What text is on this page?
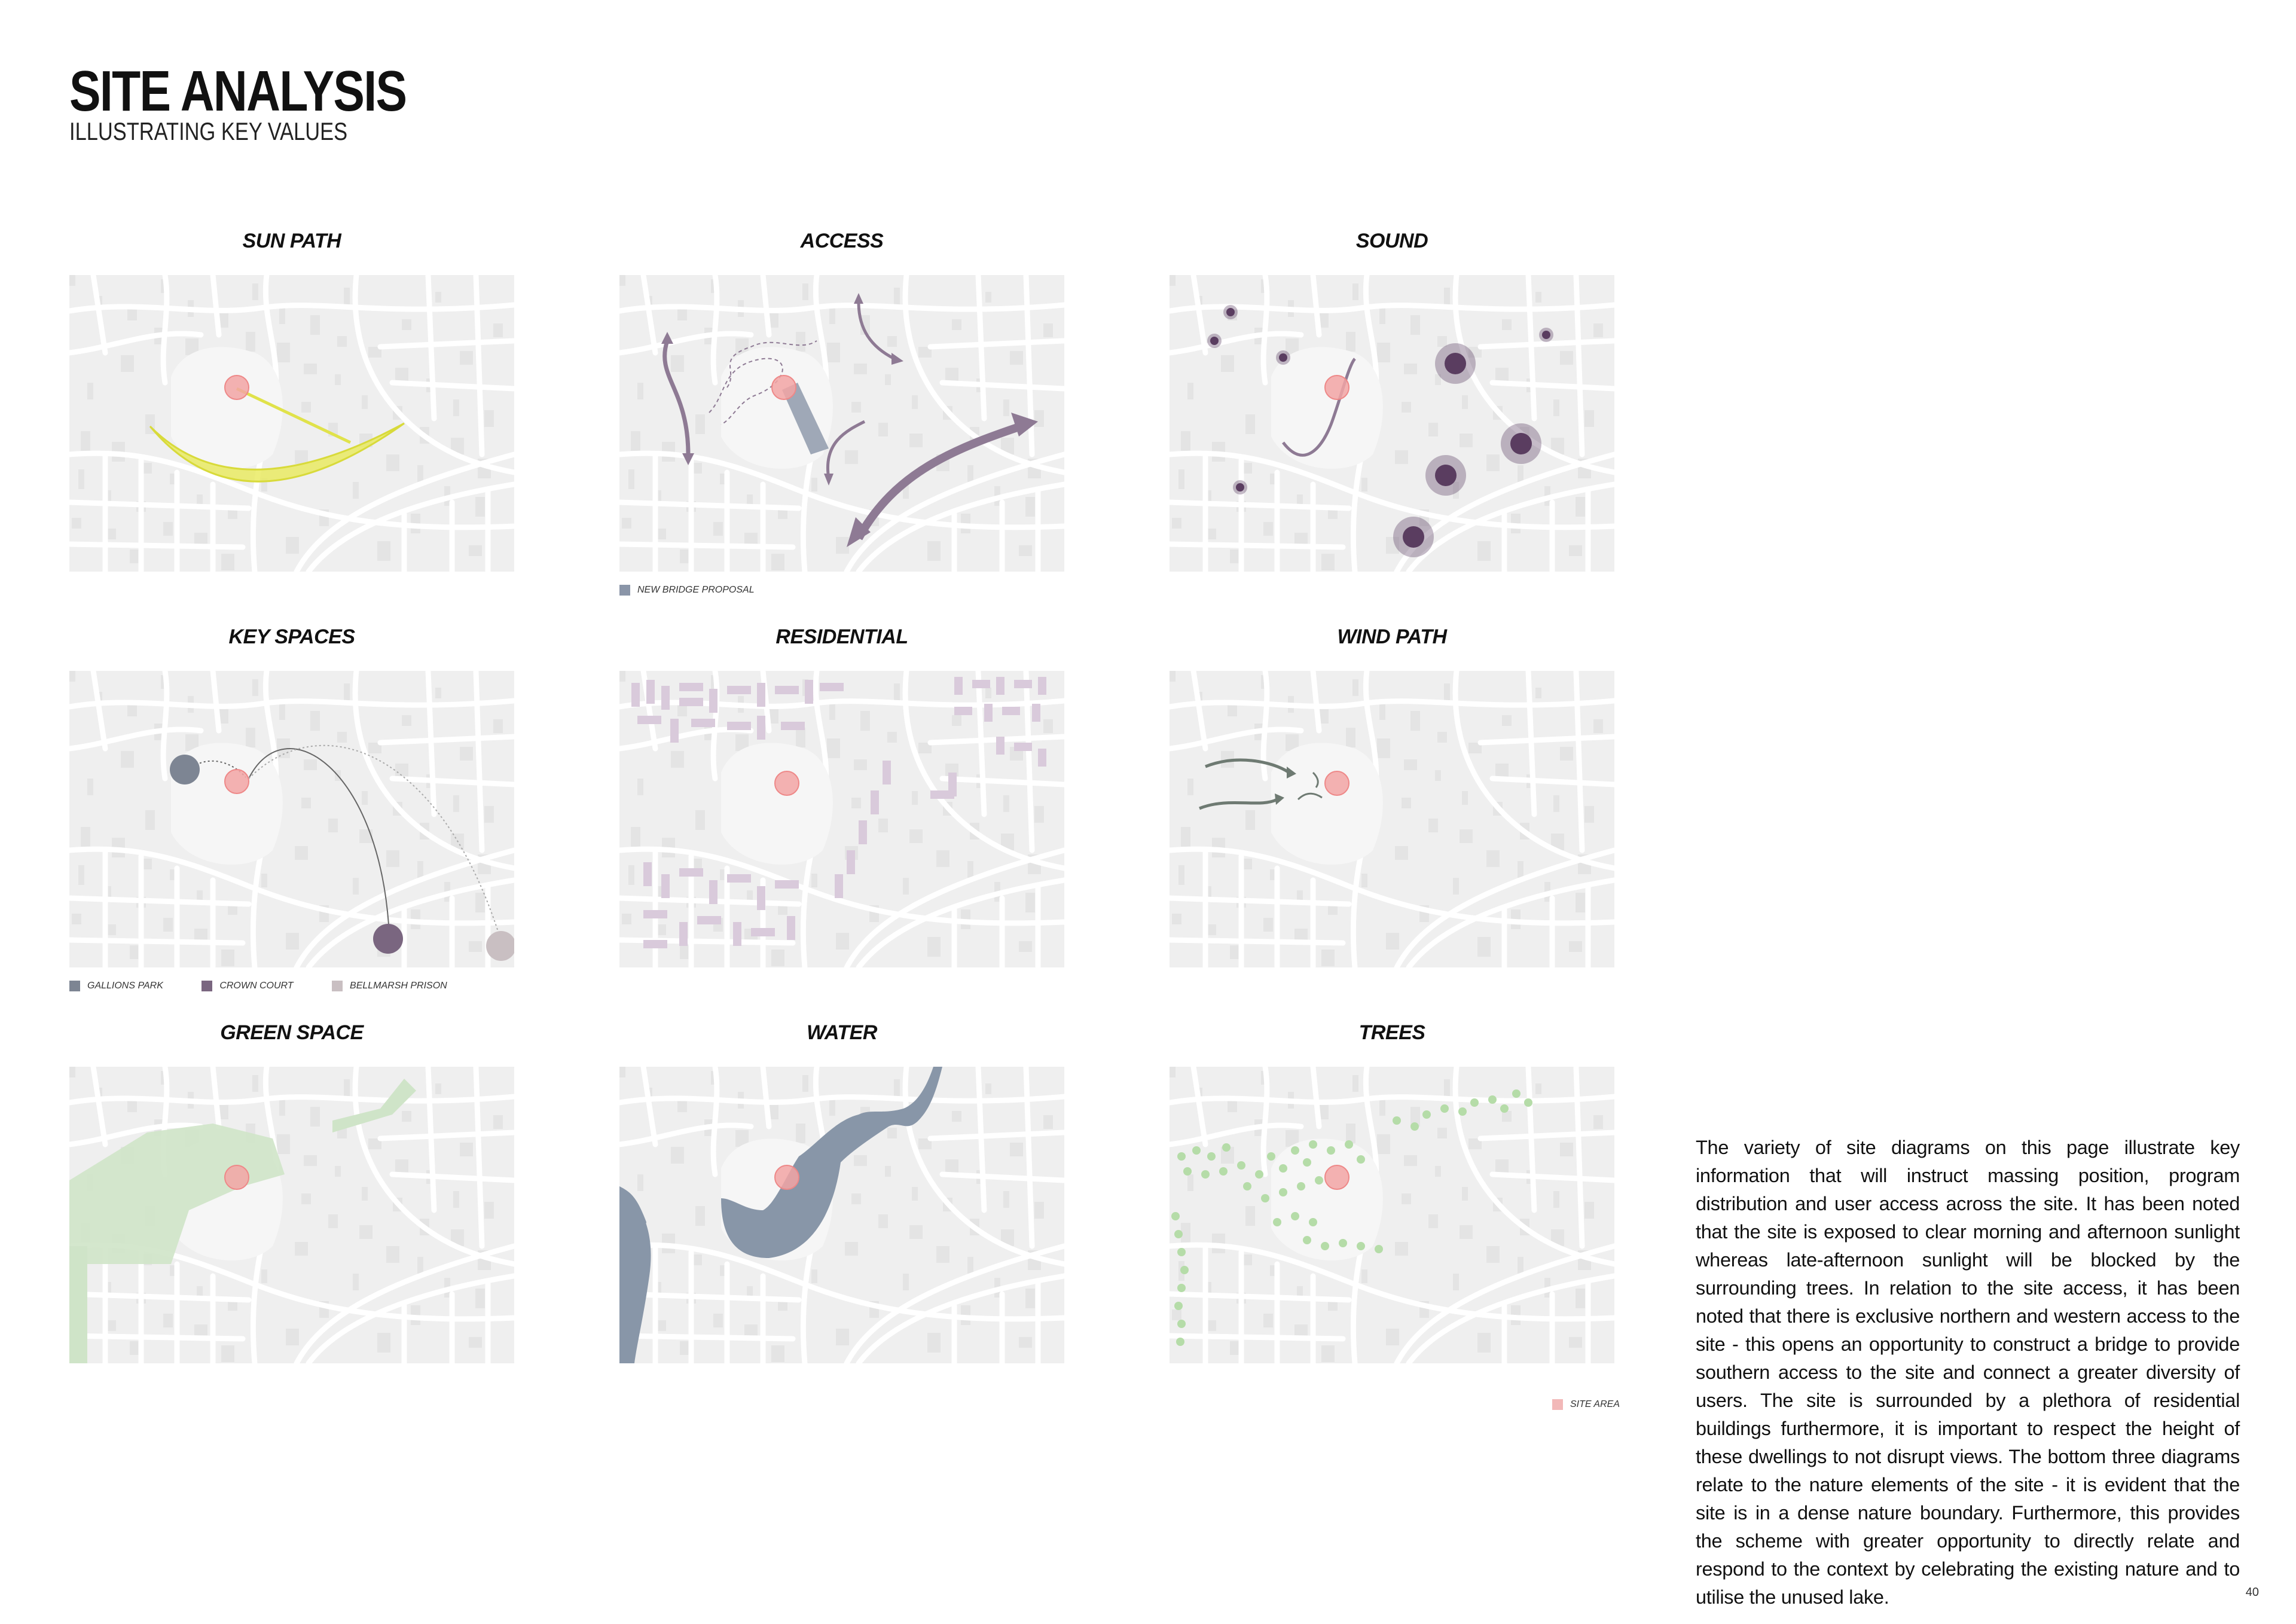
SITE ANALYSIS
ILLUSTRATING KEY VALUES
SUN PATH	ACCESS	SOUND
KEY SPACES	RESIDENTIAL	WIND PATH
GREEN SPACE	WATER	TREES
NEW BRIDGE PROPOSAL
GALLIONS PARK	CROWN COURT	BELLMARSH PRISON
SITE AREA
The variety of site diagrams on this page illustrate key information that will instruct massing position, program distribution and user access across the site. It has been noted that the site is exposed to clear morning and afternoon sunlight whereas late-afternoon sunlight will be blocked by the surrounding trees. In relation to the site access, it has been noted that there is exclusive northern and western access to the site - this opens an opportunity to construct a bridge to provide southern access to the site and connect a greater diversity of users. The site is surrounded by a plethora of residential buildings furthermore, it is important to respect the height of these dwellings to not disrupt views. The bottom three diagrams relate to the nature elements of the site - it is evident that the site is in a dense nature boundary. Furthermore, this provides the scheme with greater opportunity to directly relate and respond to the context by celebrating the existing nature and to utilise the unused lake.	40
